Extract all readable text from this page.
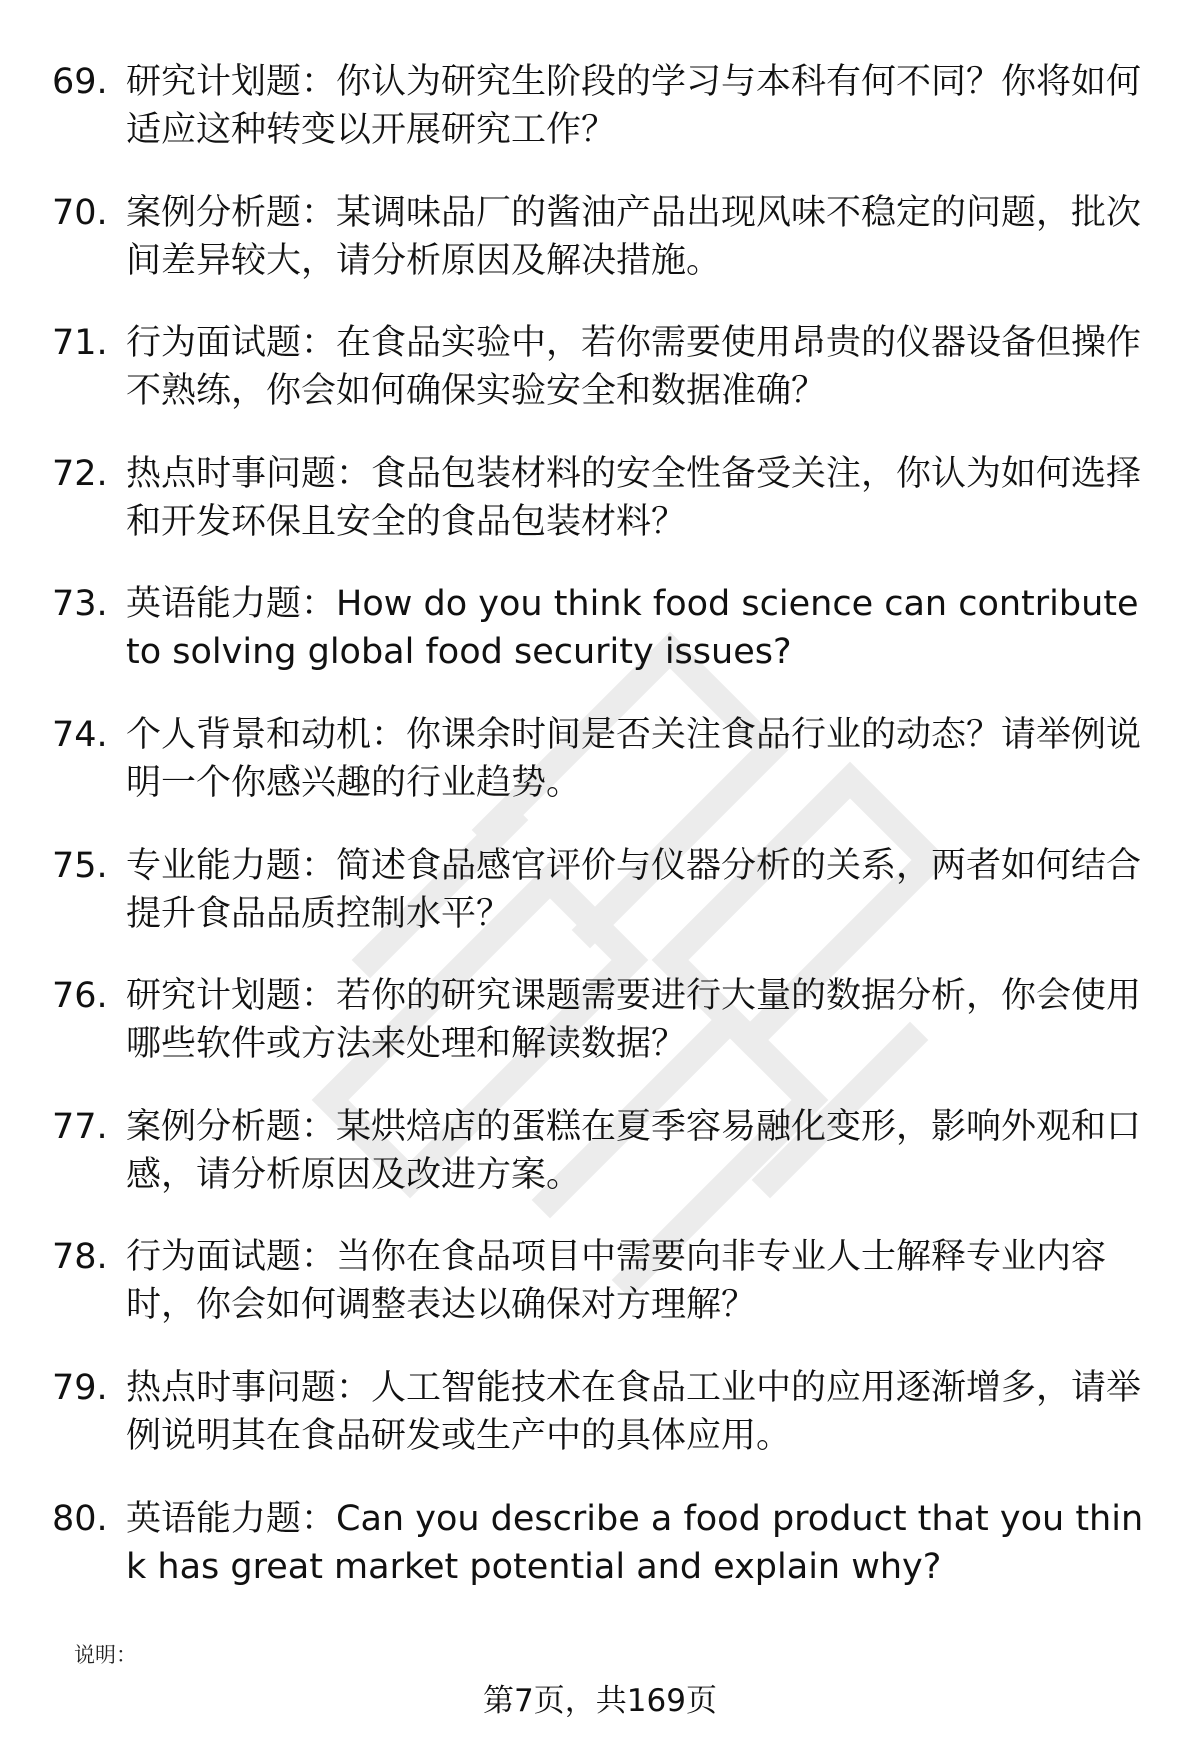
69. 研究计划题：你认为研究生阶段的学习与本科有何不同？你将如何适应这种转变以开展研究工作？
70. 案例分析题：某调味品厂的酱油产品出现风味不稳定的问题，批次间差异较大，请分析原因及解决措施。
71. 行为面试题：在食品实验中，若你需要使用昂贵的仪器设备但操作不熟练，你会如何确保实验安全和数据准确？
72. 热点时事问题：食品包装材料的安全性备受关注，你认为如何选择和开发环保且安全的食品包装材料？
73. 英语能力题：How do you think food science can contribute to solving global food security issues?
74. 个人背景和动机：你课余时间是否关注食品行业的动态？请举例说明一个你感兴趣的行业趋势。
75. 专业能力题：简述食品感官评价与仪器分析的关系，两者如何结合提升食品品质控制水平？
76. 研究计划题：若你的研究课题需要进行大量的数据分析，你会使用哪些软件或方法来处理和解读数据？
77. 案例分析题：某烘焙店的蛋糕在夏季容易融化变形，影响外观和口感，请分析原因及改进方案。
78. 行为面试题：当你在食品项目中需要向非专业人士解释专业内容时，你会如何调整表达以确保对方理解？
79. 热点时事问题：人工智能技术在食品工业中的应用逐渐增多，请举例说明其在食品研发或生产中的具体应用。
80. 英语能力题：Can you describe a food product that you think has great market potential and explain why?
说明：
第7页，共169页
